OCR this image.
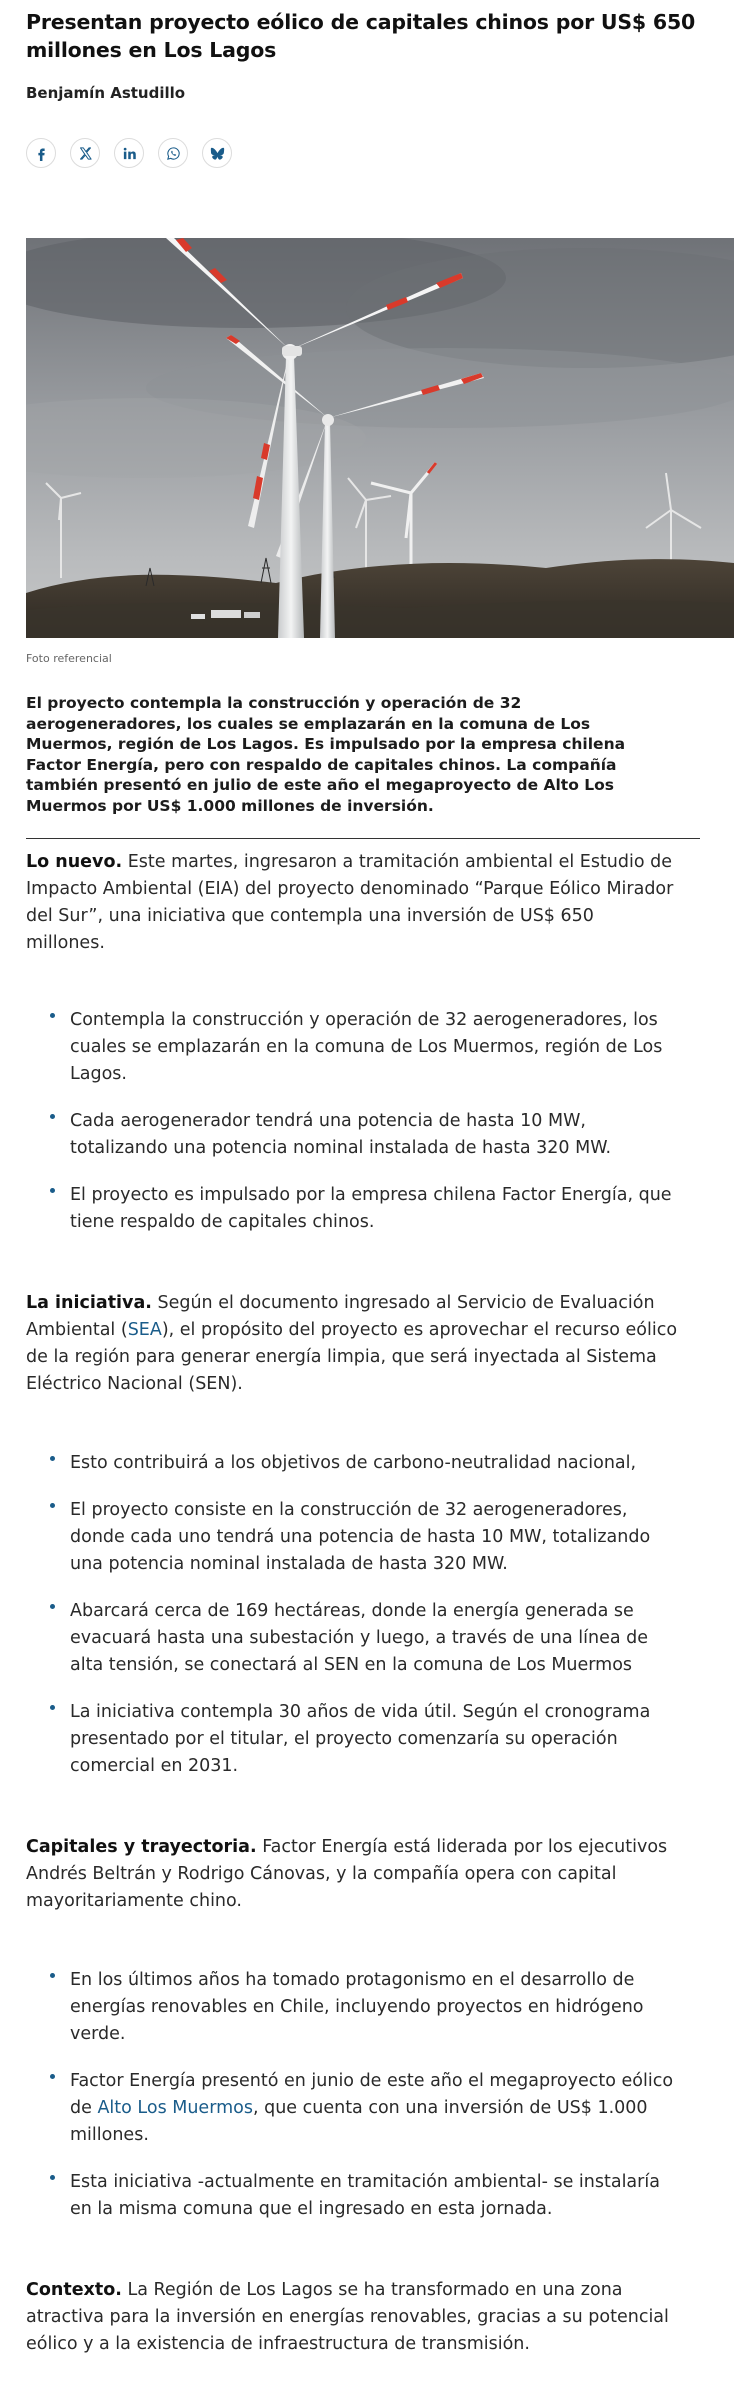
Presentan proyecto eólico de capitales chinos por US$ 650 millones en Los Lagos
Benjamín Astudillo
Foto referencial

El proyecto contempla la construcción y operación de 32 aerogeneradores, los cuales se emplazarán en la comuna de Los Muermos, región de Los Lagos. Es impulsado por la empresa chilena Factor Energía, pero con respaldo de capitales chinos. La compañía también presentó en julio de este año el megaproyecto de Alto Los Muermos por US$ 1.000 millones de inversión.

Lo nuevo. Este martes, ingresaron a tramitación ambiental el Estudio de Impacto Ambiental (EIA) del proyecto denominado “Parque Eólico Mirador del Sur”, una iniciativa que contempla una inversión de US$ 650 millones.

Contempla la construcción y operación de 32 aerogeneradores, los cuales se emplazarán en la comuna de Los Muermos, región de Los Lagos.
Cada aerogenerador tendrá una potencia de hasta 10 MW, totalizando una potencia nominal instalada de hasta 320 MW.
El proyecto es impulsado por la empresa chilena Factor Energía, que tiene respaldo de capitales chinos.

La iniciativa. Según el documento ingresado al Servicio de Evaluación Ambiental (SEA), el propósito del proyecto es aprovechar el recurso eólico de la región para generar energía limpia, que será inyectada al Sistema Eléctrico Nacional (SEN).

Esto contribuirá a los objetivos de carbono-neutralidad nacional,
El proyecto consiste en la construcción de 32 aerogeneradores, donde cada uno tendrá una potencia de hasta 10 MW, totalizando una potencia nominal instalada de hasta 320 MW.
Abarcará cerca de 169 hectáreas, donde la energía generada se evacuará hasta una subestación y luego, a través de una línea de alta tensión, se conectará al SEN en la comuna de Los Muermos
La iniciativa contempla 30 años de vida útil. Según el cronograma presentado por el titular, el proyecto comenzaría su operación comercial en 2031.

Capitales y trayectoria. Factor Energía está liderada por los ejecutivos Andrés Beltrán y Rodrigo Cánovas, y la compañía opera con capital mayoritariamente chino.

En los últimos años ha tomado protagonismo en el desarrollo de energías renovables en Chile, incluyendo proyectos en hidrógeno verde.
Factor Energía presentó en junio de este año el megaproyecto eólico de Alto Los Muermos, que cuenta con una inversión de US$ 1.000 millones.
Esta iniciativa -actualmente en tramitación ambiental- se instalaría en la misma comuna que el ingresado en esta jornada.

Contexto. La Región de Los Lagos se ha transformado en una zona atractiva para la inversión en energías renovables, gracias a su potencial eólico y a la existencia de infraestructura de transmisión.
